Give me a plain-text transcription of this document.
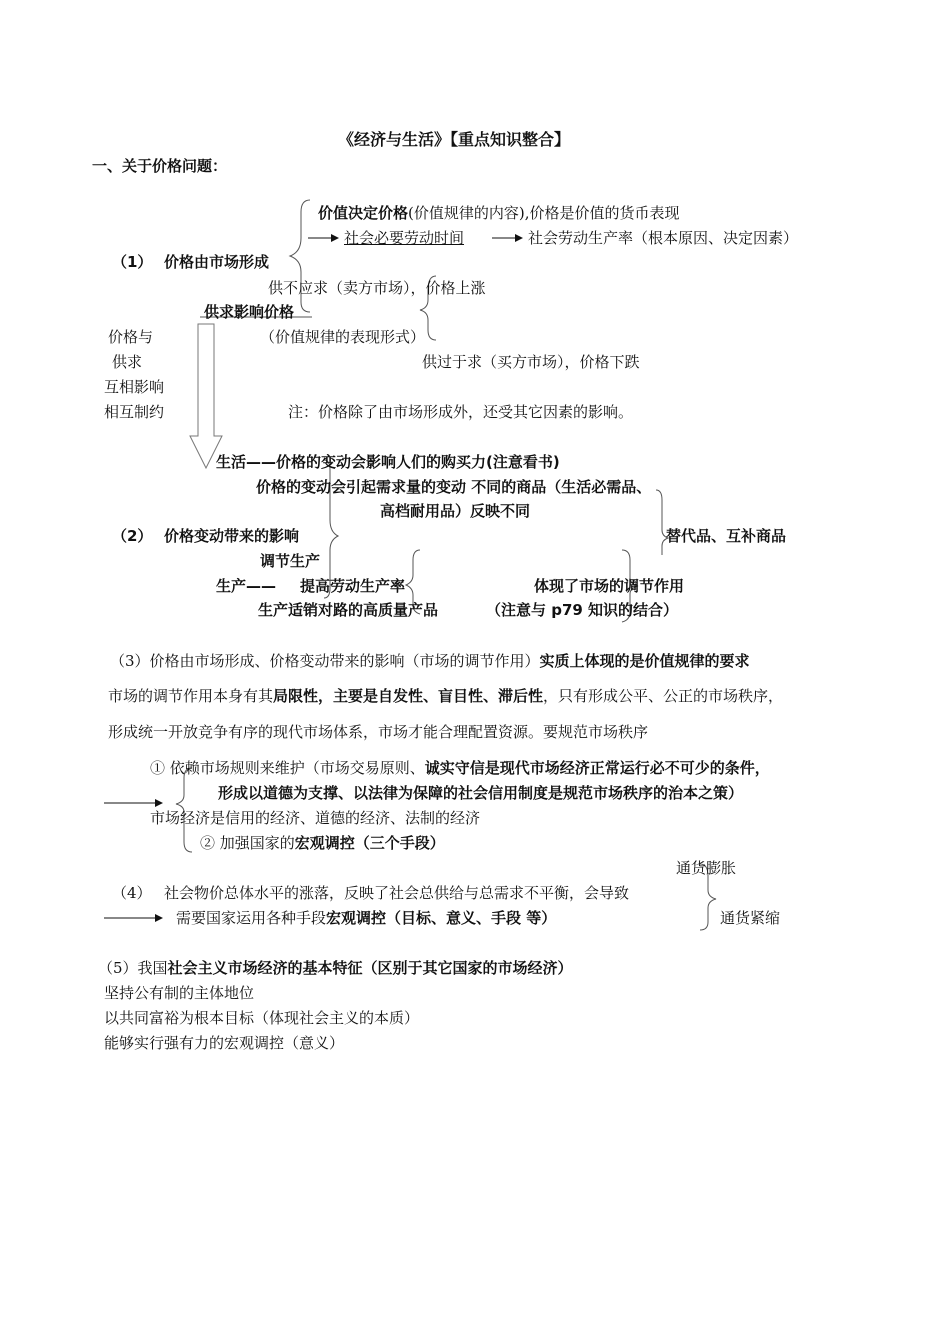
《经济与生活》【重点知识整合】
一、关于价格问题：
（1） 价格由市场形成
价值决定价格(价值规律的内容),价格是价值的货币表现
社会必要劳动时间	社会劳动生产率（根本原因、决定因素）
供不应求（卖方市场），价格上涨
供求影响价格
（价值规律的表现形式）
供过于求（买方市场），价格下跌
价格与
供求
互相影响
相互制约	注：价格除了由市场形成外，还受其它因素的影响。
生活——价格的变动会影响人们的购买力(注意看书)
价格的变动会引起需求量的变动 不同的商品（生活必需品、
高档耐用品）反映不同
（2） 价格变动带来的影响	替代品、互补商品
调节生产
生产—— 提高劳动生产率	体现了市场的调节作用
生产适销对路的高质量产品	（注意与 p79 知识的结合）
（3）价格由市场形成、价格变动带来的影响（市场的调节作用）实质上体现的是价值规律的要求
市场的调节作用本身有其局限性，主要是自发性、盲目性、滞后性，只有形成公平、公正的市场秩序，
形成统一开放竞争有序的现代市场体系，市场才能合理配置资源。要规范市场秩序
① 依赖市场规则来维护（市场交易原则、诚实守信是现代市场经济正常运行必不可少的条件，
形成以道德为支撑、以法律为保障的社会信用制度是规范市场秩序的治本之策）
市场经济是信用的经济、道德的经济、法制的经济
② 加强国家的宏观调控（三个手段）
通货膨胀
（4） 社会物价总体水平的涨落，反映了社会总供给与总需求不平衡，会导致
通货紧缩
需要国家运用各种手段宏观调控（目标、意义、手段 等）
（5）我国社会主义市场经济的基本特征（区别于其它国家的市场经济）
坚持公有制的主体地位
以共同富裕为根本目标（体现社会主义的本质）
能够实行强有力的宏观调控（意义）
